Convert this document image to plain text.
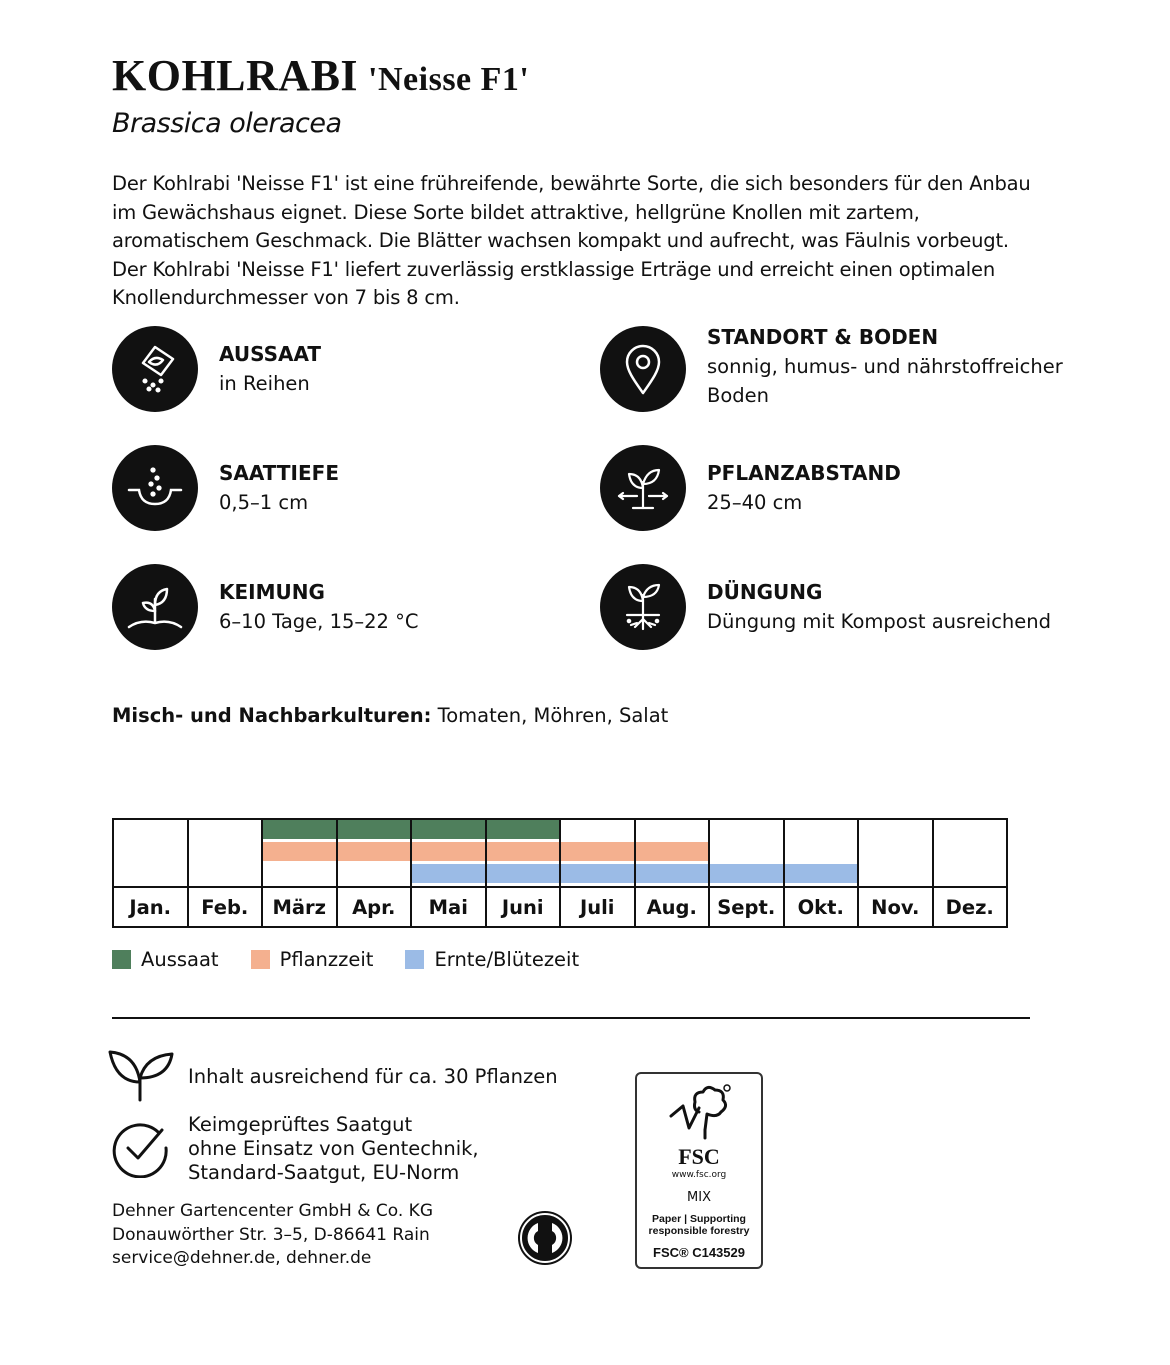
KOHLRABI 'Neisse F1'
Brassica oleracea
Der Kohlrabi 'Neisse F1' ist eine frühreifende, bewährte Sorte, die sich besonders für den Anbau im Gewächshaus eignet. Diese Sorte bildet attraktive, hellgrüne Knollen mit zartem, aromatischem Geschmack. Die Blätter wachsen kompakt und aufrecht, was Fäulnis vorbeugt. Der Kohlrabi 'Neisse F1' liefert zuverlässig erstklassige Erträge und erreicht einen optimalen Knollendurchmesser von 7 bis 8 cm.
AUSSAAT
in Reihen
STANDORT & BODEN
sonnig, humus- und nährstoffreicher Boden
SAATTIEFE
0,5–1 cm
PFLANZABSTAND
25–40 cm
KEIMUNG
6–10 Tage, 15–22 °C
DÜNGUNG
Düngung mit Kompost ausreichend
Misch- und Nachbarkulturen: Tomaten, Möhren, Salat

Jan.	Feb.	März	Apr.	Mai	Juni	Juli	Aug.	Sept.	Okt.	Nov.	Dez.
Aussaat	Pflanzzeit	Ernte/Blütezeit
Inhalt ausreichend für ca. 30 Pflanzen
Keimgeprüftes Saatgut
ohne Einsatz von Gentechnik,
Standard-Saatgut, EU-Norm
Dehner Gartencenter GmbH & Co. KG
Donauwörther Str. 3–5, D-86641 Rain
service@dehner.de, dehner.de
FSC
www.fsc.org
MIX
Paper | Supporting
responsible forestry
FSC® C143529
